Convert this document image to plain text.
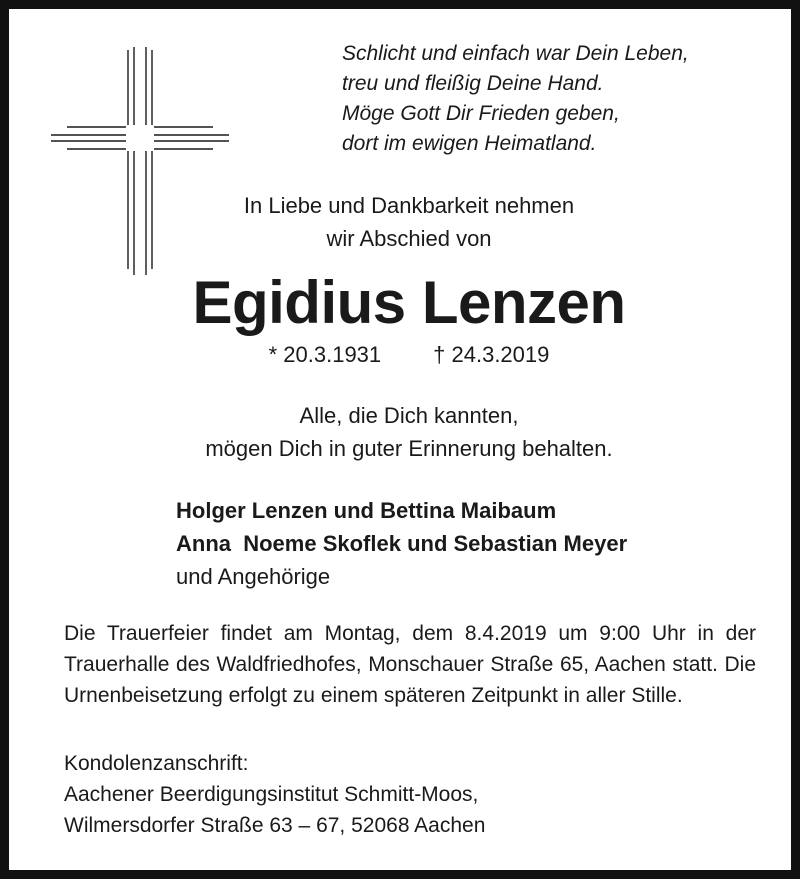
Schlicht und einfach war Dein Leben,
treu und fleißig Deine Hand.
Möge Gott Dir Frieden geben,
dort im ewigen Heimatland.
In Liebe und Dankbarkeit nehmen
wir Abschied von
Egidius Lenzen
* 20.3.1931 † 24.3.2019
Alle, die Dich kannten,
mögen Dich in guter Erinnerung behalten.
Holger Lenzen und Bettina Maibaum
Anna  Noeme Skoflek und Sebastian Meyer
und Angehörige
Die Trauerfeier findet am Montag, dem 8.4.2019 um 9:00 Uhr in der Trauerhalle des Waldfriedhofes, Monschauer Straße 65, Aachen statt. Die Urnenbeisetzung erfolgt zu einem späteren Zeitpunkt in aller Stille.
Kondolenzanschrift:
Aachener Beerdigungsinstitut Schmitt-Moos,
Wilmersdorfer Straße 63 – 67, 52068 Aachen
